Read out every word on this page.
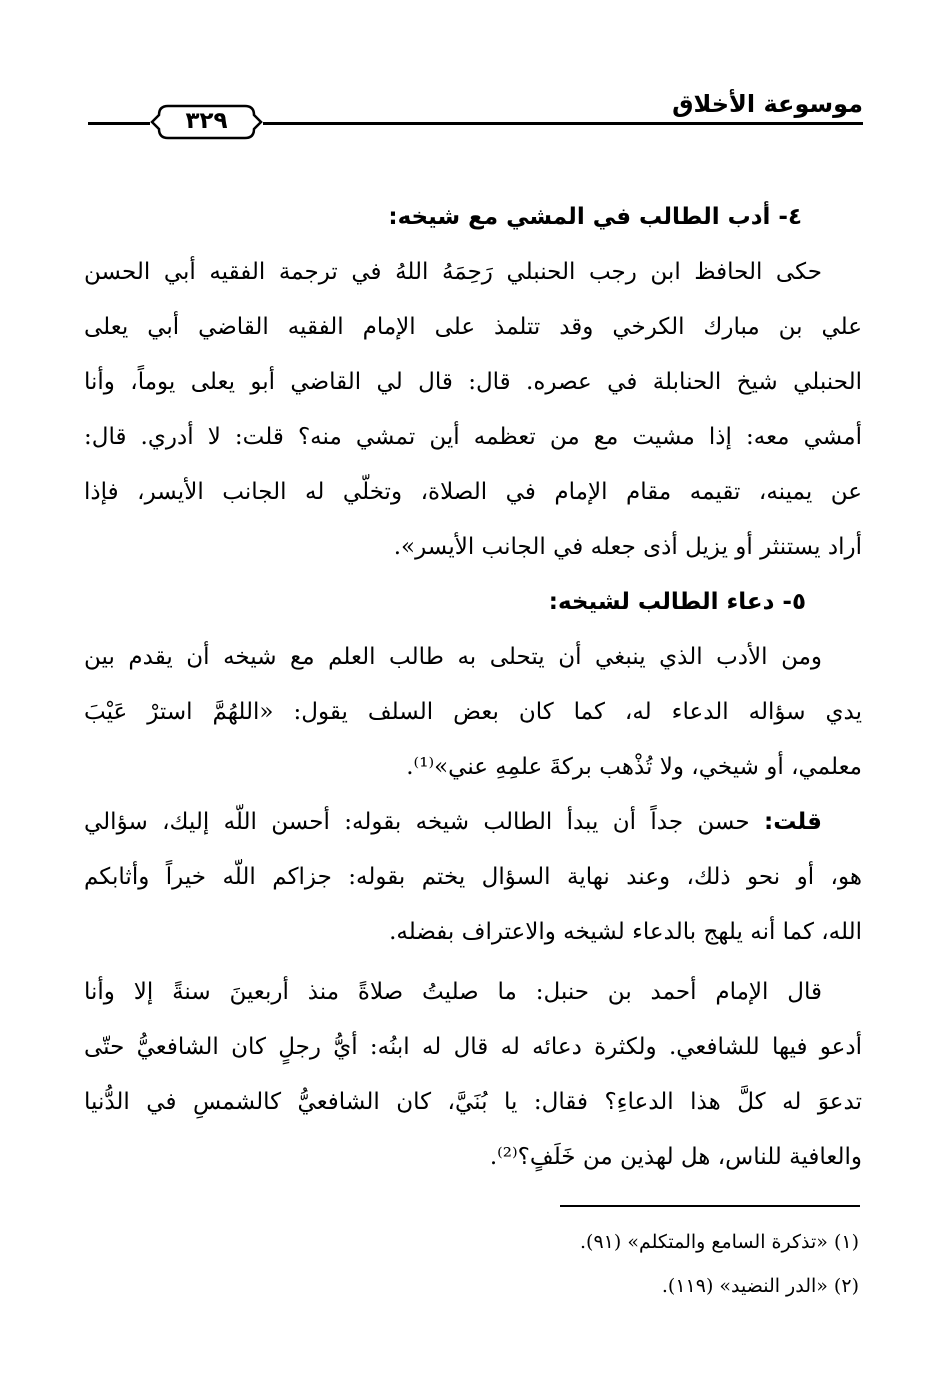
موسوعة الأخلاق
٣٢٩
٤- أدب الطالب في المشي مع شيخه:
حكى الحافظ ابن رجب الحنبلي رَحِمَهُ اللهُ في ترجمة الفقيه أبي الحسن
علي بن مبارك الكرخي وقد تتلمذ على الإمام الفقيه القاضي أبي يعلى
الحنبلي شيخ الحنابلة في عصره. قال: قال لي القاضي أبو يعلى يوماً، وأنا
أمشي معه: إذا مشيت مع من تعظمه أين تمشي منه؟ قلت: لا أدري. قال:
عن يمينه، تقيمه مقام الإمام في الصلاة، وتخلّي له الجانب الأيسر، فإذا
أراد يستنثر أو يزيل أذى جعله في الجانب الأيسر».
٥- دعاء الطالب لشيخه:
ومن الأدب الذي ينبغي أن يتحلى به طالب العلم مع شيخه أن يقدم بين
يدي سؤاله الدعاء له، كما كان بعض السلف يقول: «اللهُمَّ استرْ عَيْبَ
معلمي، أو شيخي، ولا تُذْهب بركةَ علمِهِ عني»⁽¹⁾.
قلت: حسن جداً أن يبدأ الطالب شيخه بقوله: أحسن اللّه إليك، سؤالي
هو، أو نحو ذلك، وعند نهاية السؤال يختم بقوله: جزاكم اللّه خيراً وأثابكم
الله، كما أنه يلهج بالدعاء لشيخه والاعتراف بفضله.
قال الإمام أحمد بن حنبل: ما صليتُ صلاةً منذ أربعينَ سنةً إلا وأنا
أدعو فيها للشافعي. ولكثرة دعائه له قال له ابنُه: أيُّ رجلٍ كان الشافعيُّ حتّى
تدعوَ له كلَّ هذا الدعاءِ؟ فقال: يا بُنَيَّ، كان الشافعيُّ كالشمسِ في الدُّنيا
والعافية للناس، هل لهذين من خَلَفٍ؟⁽²⁾.
(١) «تذكرة السامع والمتكلم» (٩١).
(٢) «الدر النضيد» (١١٩).
